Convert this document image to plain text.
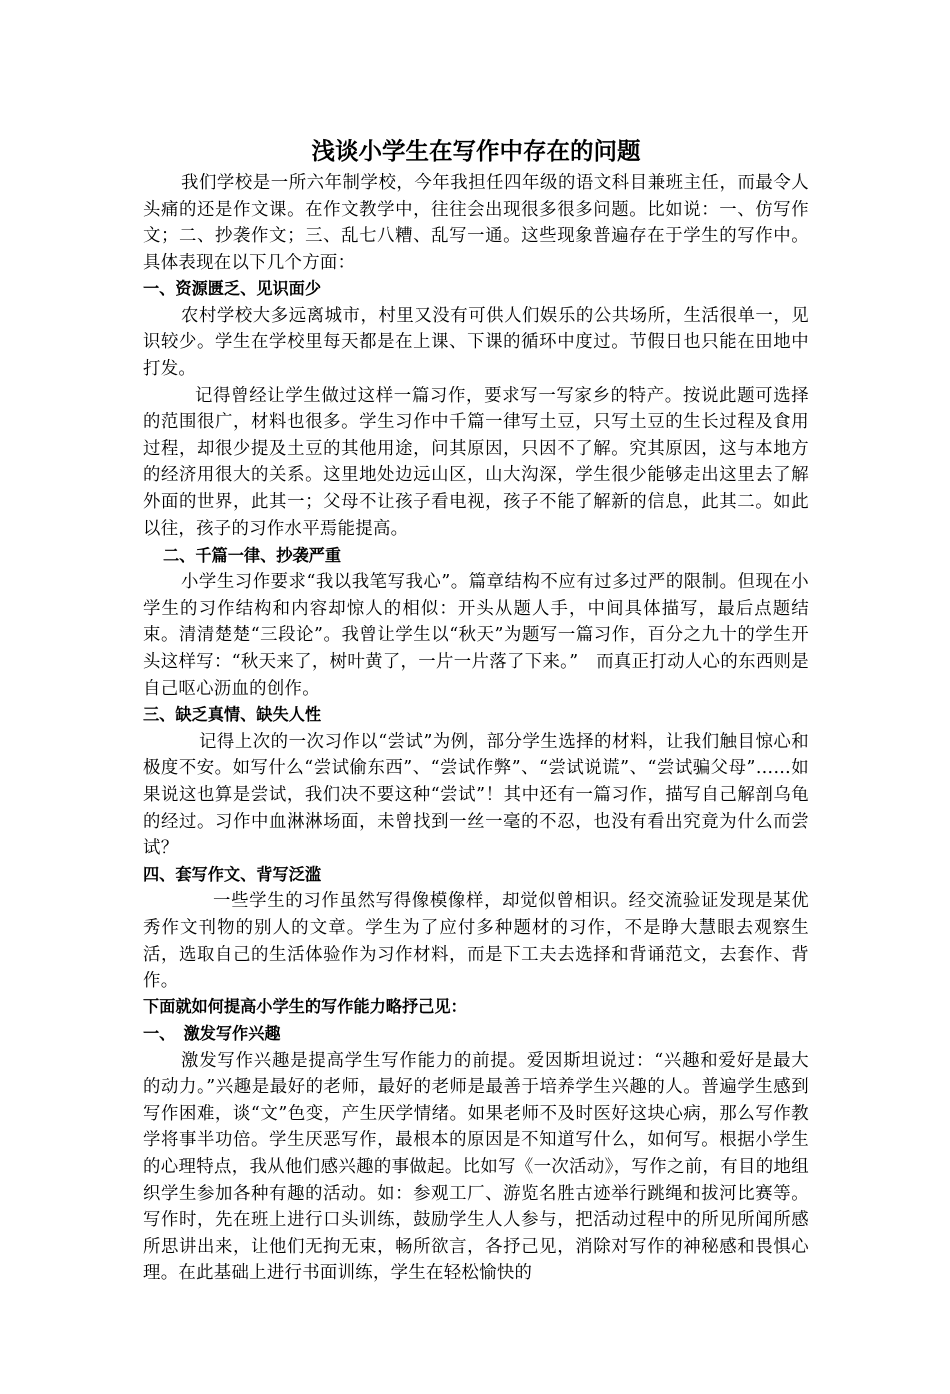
浅谈小学生在写作中存在的问题

我们学校是一所六年制学校，今年我担任四年级的语文科目兼班主任，而最令人头痛的还是作文课。在作文教学中，往往会出现很多很多问题。比如说：一、仿写作文；二、抄袭作文；三、乱七八糟、乱写一通。这些现象普遍存在于学生的写作中。具体表现在以下几个方面：

一、资源匮乏、见识面少

农村学校大多远离城市，村里又没有可供人们娱乐的公共场所，生活很单一，见识较少。学生在学校里每天都是在上课、下课的循环中度过。节假日也只能在田地中打发。

记得曾经让学生做过这样一篇习作，要求写一写家乡的特产。按说此题可选择的范围很广，材料也很多。学生习作中千篇一律写土豆，只写土豆的生长过程及食用过程，却很少提及土豆的其他用途，问其原因，只因不了解。究其原因，这与本地方的经济用很大的关系。这里地处边远山区，山大沟深，学生很少能够走出这里去了解外面的世界，此其一；父母不让孩子看电视，孩子不能了解新的信息，此其二。如此以往，孩子的习作水平焉能提高。

二、千篇一律、抄袭严重

小学生习作要求“我以我笔写我心”。篇章结构不应有过多过严的限制。但现在小学生的习作结构和内容却惊人的相似：开头从题人手，中间具体描写，最后点题结束。清清楚楚“三段论”。我曾让学生以“秋天”为题写一篇习作，百分之九十的学生开头这样写：“秋天来了，树叶黄了，一片一片落了下来。”　而真正打动人心的东西则是自己呕心沥血的创作。

三、缺乏真情、缺失人性

记得上次的一次习作以“尝试”为例，部分学生选择的材料，让我们触目惊心和极度不安。如写什么“尝试偷东西”、“尝试作弊”、“尝试说谎”、“尝试骗父母”……如果说这也算是尝试，我们决不要这种“尝试”！其中还有一篇习作，描写自己解剖乌龟的经过。习作中血淋淋场面，未曾找到一丝一毫的不忍，也没有看出究竟为什么而尝试？

四、套写作文、背写泛滥

一些学生的习作虽然写得像模像样，却觉似曾相识。经交流验证发现是某优秀作文刊物的别人的文章。学生为了应付多种题材的习作，不是睁大慧眼去观察生活，选取自己的生活体验作为习作材料，而是下工夫去选择和背诵范文，去套作、背作。

下面就如何提高小学生的写作能力略抒己见：
一、　激发写作兴趣

激发写作兴趣是提高学生写作能力的前提。爱因斯坦说过：“兴趣和爱好是最大的动力。”兴趣是最好的老师，最好的老师是最善于培养学生兴趣的人。普遍学生感到写作困难，谈“文”色变，产生厌学情绪。如果老师不及时医好这块心病，那么写作教学将事半功倍。学生厌恶写作，最根本的原因是不知道写什么，如何写。根据小学生的心理特点，我从他们感兴趣的事做起。比如写《一次活动》，写作之前，有目的地组织学生参加各种有趣的活动。如：参观工厂、游览名胜古迹举行跳绳和拔河比赛等。写作时，先在班上进行口头训练，鼓励学生人人参与，把活动过程中的所见所闻所感所思讲出来，让他们无拘无束，畅所欲言，各抒己见，消除对写作的神秘感和畏惧心理。在此基础上进行书面训练，学生在轻松愉快的
